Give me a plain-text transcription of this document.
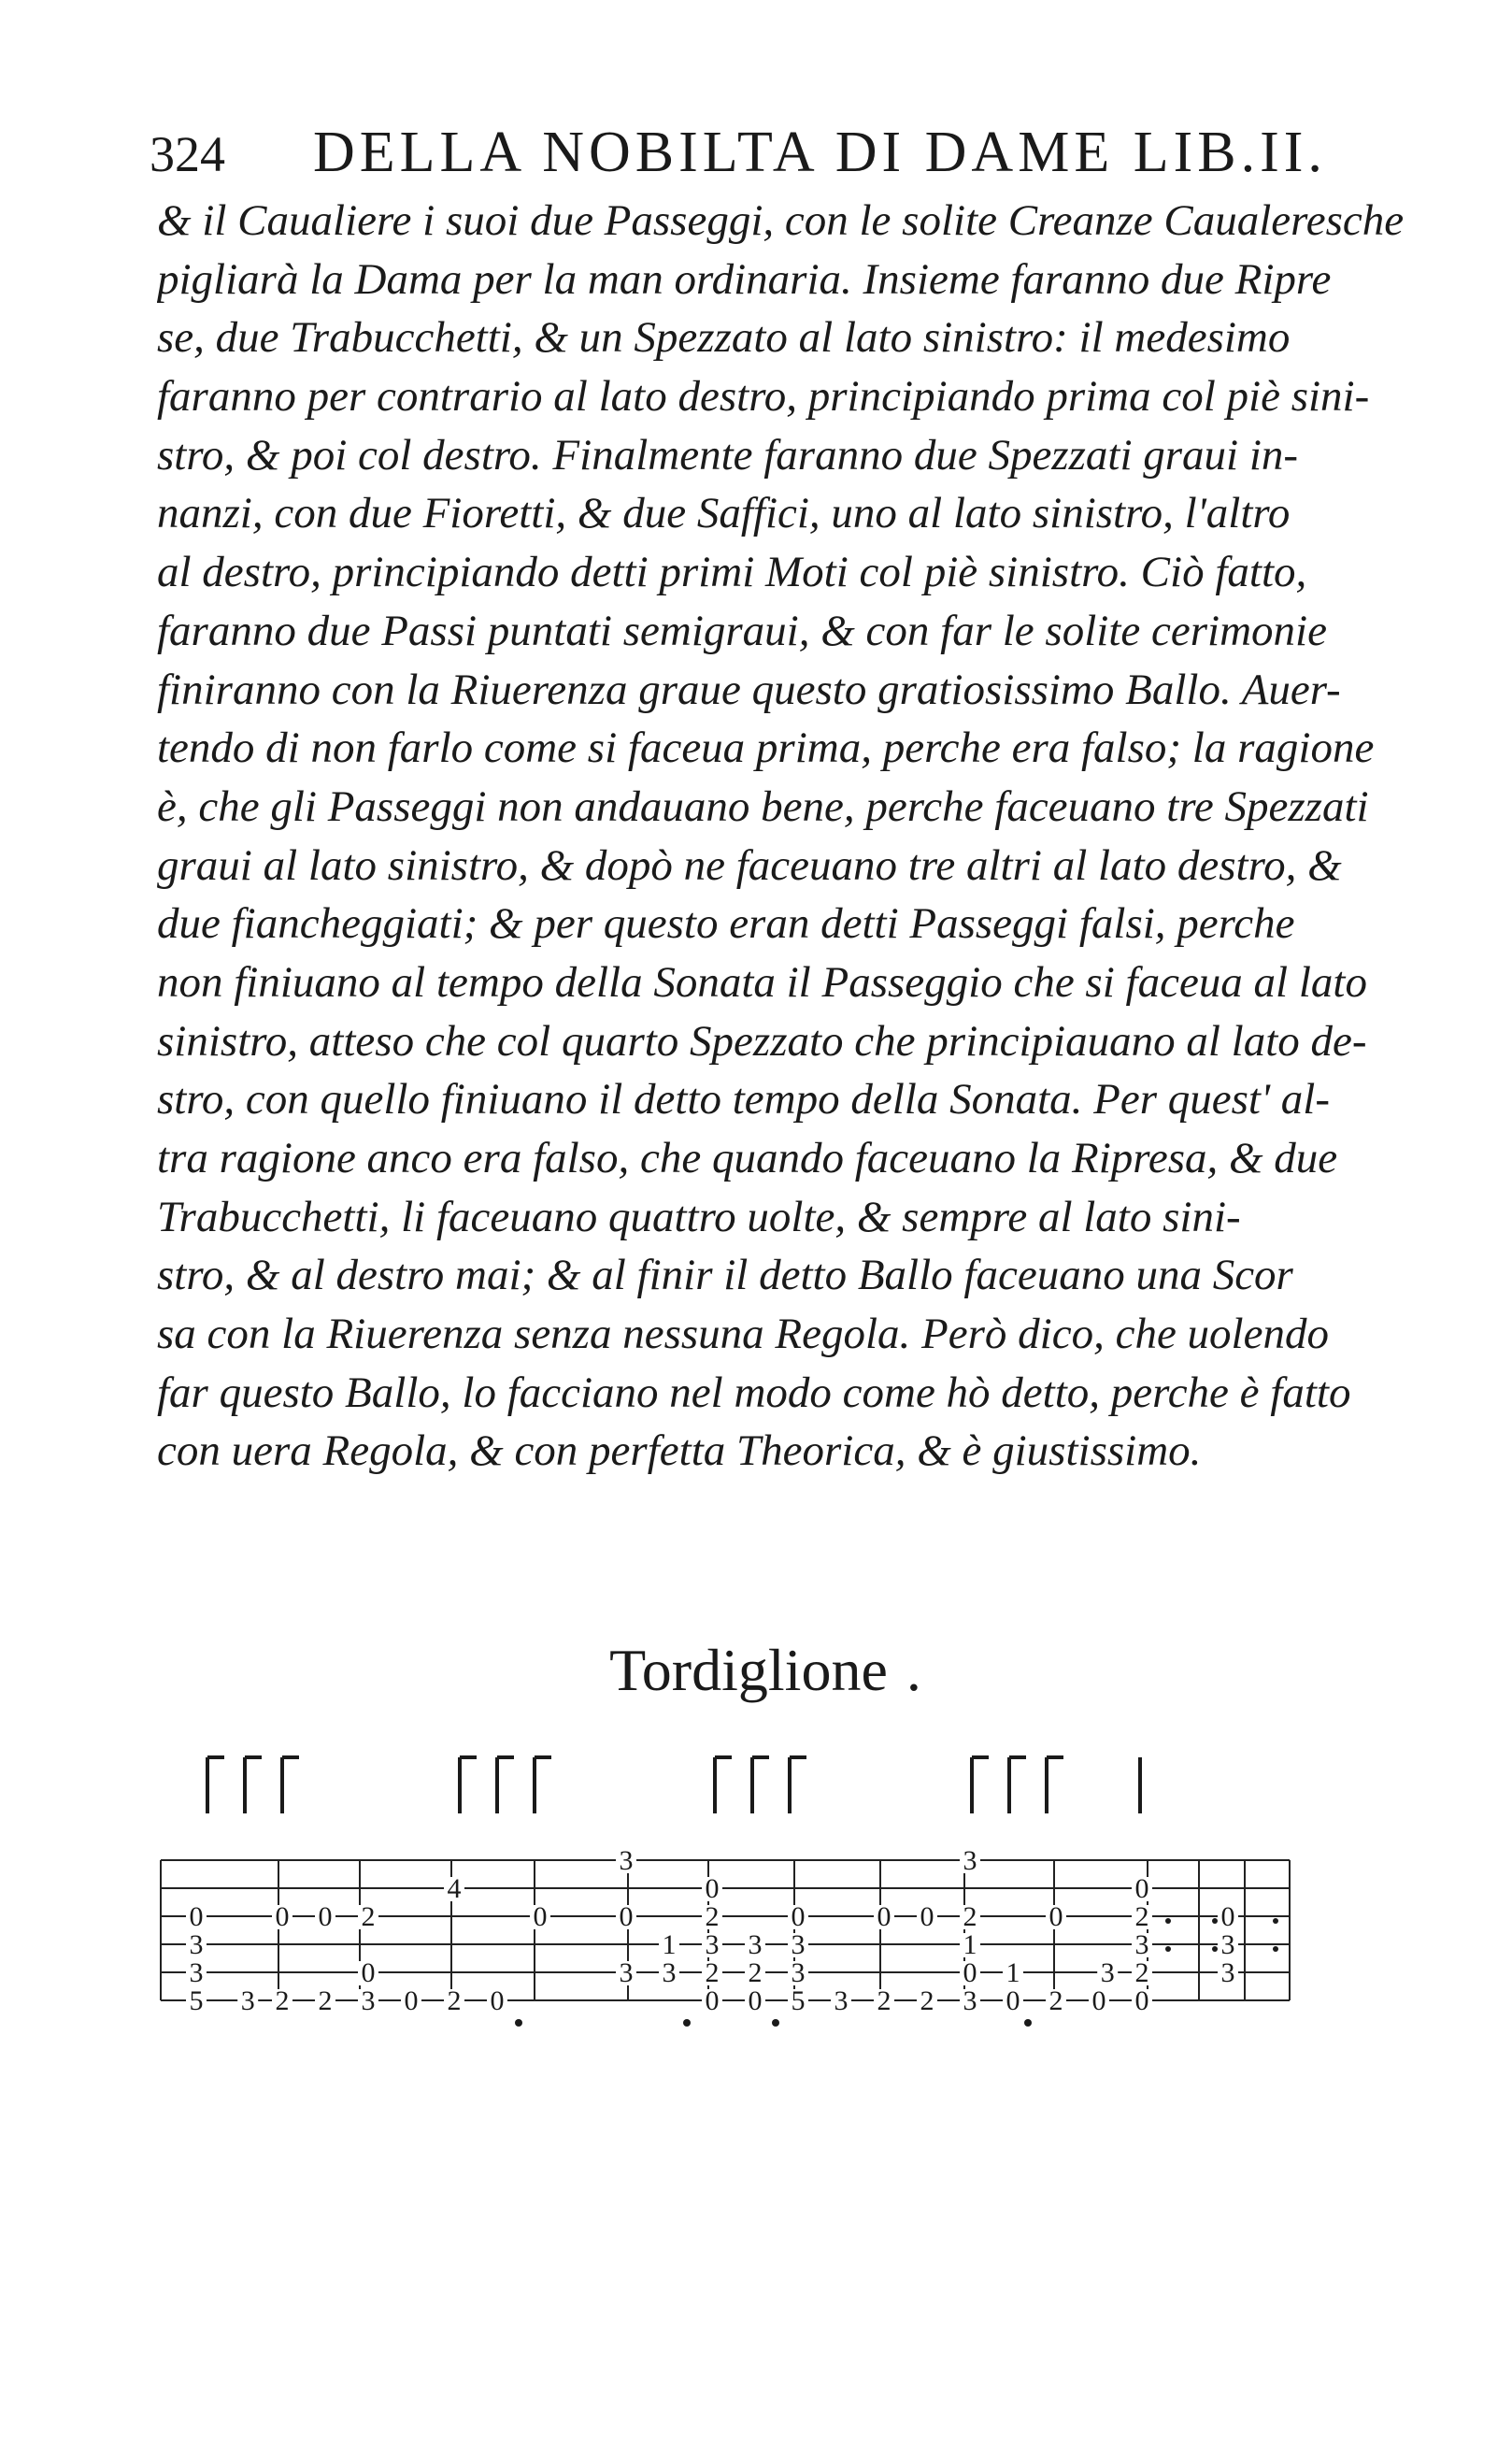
324 DELLA NOBILTA DI DAME LIB.II.
& il Caualiere i suoi due Passeggi, con le solite Creanze Caualeresche
pigliarà la Dama per la man ordinaria. Insieme faranno due Ripre
se, due Trabucchetti, & un Spezzato al lato sinistro: il medesimo
faranno per contrario al lato destro, principiando prima col piè sini-
stro, & poi col destro. Finalmente faranno due Spezzati graui in-
nanzi, con due Fioretti, & due Saffici, uno al lato sinistro, l'altro
al destro, principiando detti primi Moti col piè sinistro. Ciò fatto,
faranno due Passi puntati semigraui, & con far le solite cerimonie
finiranno con la Riuerenza graue questo gratiosissimo Ballo. Auer-
tendo di non farlo come si faceua prima, perche era falso; la ragione
è, che gli Passeggi non andauano bene, perche faceuano tre Spezzati
graui al lato sinistro, & dopò ne faceuano tre altri al lato destro, &
due fiancheggiati; & per questo eran detti Passeggi falsi, perche
non finiuano al tempo della Sonata il Passeggio che si faceua al lato
sinistro, atteso che col quarto Spezzato che principiauano al lato de-
stro, con quello finiuano il detto tempo della Sonata. Per quest' al-
tra ragione anco era falso, che quando faceuano la Ripresa, & due
Trabucchetti, li faceuano quattro uolte, & sempre al lato sini-
stro, & al destro mai; & al finir il detto Ballo faceuano una Scor
sa con la Riuerenza senza nessuna Regola. Però dico, che uolendo
far questo Ballo, lo facciano nel modo come hò detto, perche è fatto
con uera Regola, & con perfetta Theorica, & è giustissimo.
Tordiglione .
3
4	0
3
0
0	0 0 2	0	0	2	0	0 0 2	0	2	0
3	1 3 3 3	1	3	3
3	0	3 3 2 2 3	0 1	3 2	3
5 3 2 2 3 0 2 0	0 0 5 3 2 2 3 0 2 0 0
